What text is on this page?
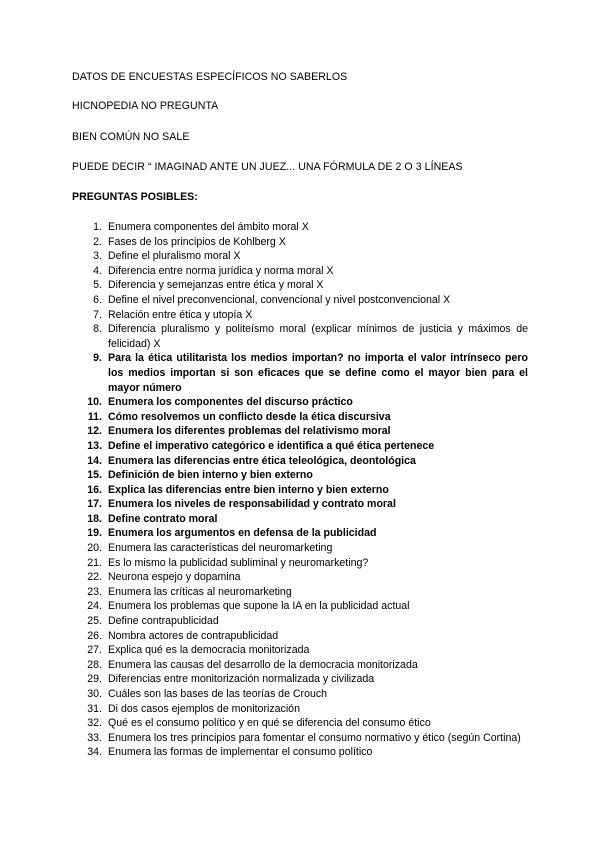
DATOS DE ENCUESTAS ESPECÍFICOS NO SABERLOS
HICNOPEDIA NO PREGUNTA
BIEN COMÚN NO SALE
PUEDE DECIR “ IMAGINAD ANTE UN JUEZ... UNA FÓRMULA DE 2 O 3 LÍNEAS
PREGUNTAS POSIBLES:
1. Enumera componentes del ámbito moral X
2. Fases de los principios de Kohlberg X
3. Define el pluralismo moral X
4. Diferencia entre norma jurídica y norma moral X
5. Diferencia y semejanzas entre ética y moral X
6. Define el nivel preconvencional, convencional y nivel postconvencional X
7. Relación entre ética y utopía X
8. Diferencia pluralismo y politeísmo moral (explicar mínimos de justicia y máximos de felicidad) X
9. Para la ética utilitarista los medios importan? no importa el valor intrínseco pero los medios importan si son eficaces que se define como el mayor bien para el mayor número
10. Enumera los componentes del discurso práctico
11. Cómo resolvemos un conflicto desde la ética discursiva
12. Enumera los diferentes problemas del relativismo moral
13. Define el imperativo categórico e identifica a qué ética pertenece
14. Enumera las diferencias entre ética teleológica, deontológica
15. Definición de bien interno y bien externo
16. Explica las diferencias entre bien interno y bien externo
17. Enumera los niveles de responsabilidad y contrato moral
18. Define contrato moral
19. Enumera los argumentos en defensa de la publicidad
20. Enumera las características del neuromarketing
21. Es lo mismo la publicidad subliminal y neuromarketing?
22. Neurona espejo y dopamina
23. Enumera las críticas al neuromarketing
24. Enumera los problemas que supone la IA en la publicidad actual
25. Define contrapublicidad
26. Nombra actores de contrapublicidad
27. Explica qué es la democracia monitorizada
28. Enumera las causas del desarrollo de la democracia monitorizada
29. Diferencias entre monitorización normalizada y civilizada
30. Cuáles son las bases de las teorías de Crouch
31. Di dos casos ejemplos de monitorización
32. Qué es el consumo político y en qué se diferencia del consumo ético
33. Enumera los tres principios para fomentar el consumo normativo y ético (según Cortina)
34. Enumera las formas de implementar el consumo político
